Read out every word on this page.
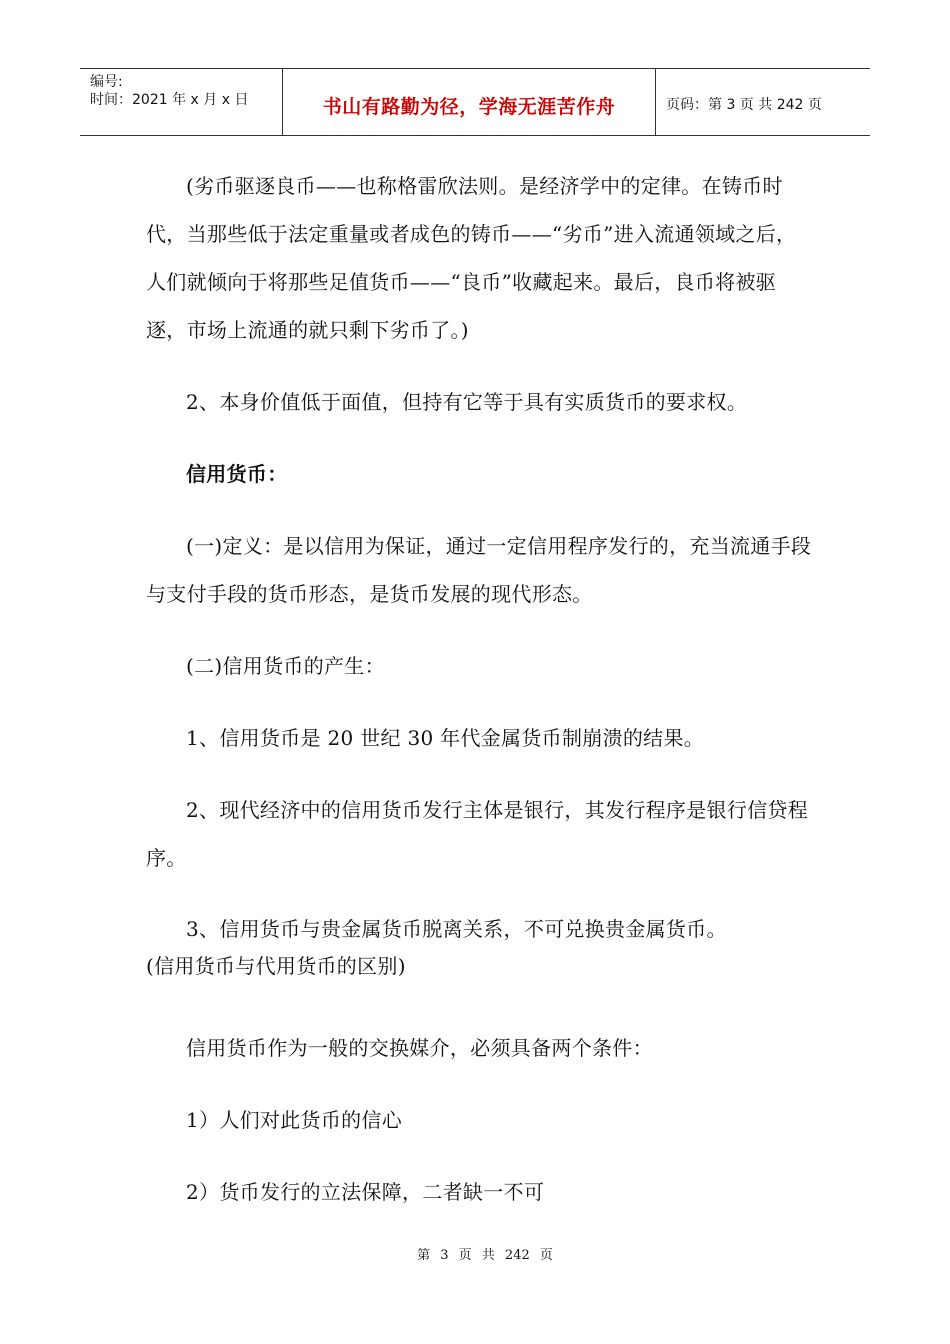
编号:
时间：2021 年 x 月 x 日	书山有路勤为径，学海无涯苦作舟	页码：第 3 页 共 242 页

(劣币驱逐良币——也称格雷欣法则。是经济学中的定律。在铸币时代，当那些低于法定重量或者成色的铸币——“劣币”进入流通领域之后，人们就倾向于将那些足值货币——“良币”收藏起来。最后，良币将被驱逐，市场上流通的就只剩下劣币了。)

2、本身价值低于面值，但持有它等于具有实质货币的要求权。

信用货币：

(一)定义：是以信用为保证，通过一定信用程序发行的，充当流通手段与支付手段的货币形态，是货币发展的现代形态。

(二)信用货币的产生：

1、信用货币是 20 世纪 30 年代金属货币制崩溃的结果。

2、现代经济中的信用货币发行主体是银行，其发行程序是银行信贷程序。

3、信用货币与贵金属货币脱离关系，不可兑换贵金属货币。

(信用货币与代用货币的区别)

信用货币作为一般的交换媒介，必须具备两个条件：

1）人们对此货币的信心

2）货币发行的立法保障，二者缺一不可

第 3 页 共 242 页
